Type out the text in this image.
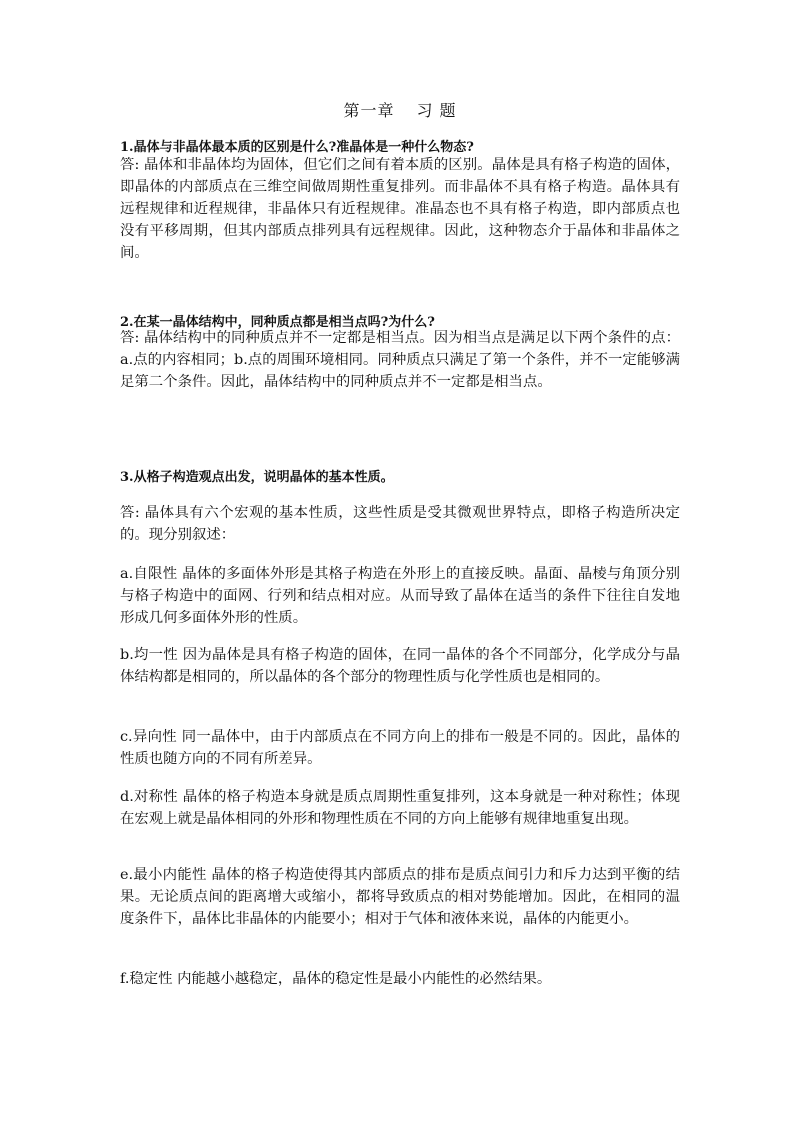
第一章 习 题

1.晶体与非晶体最本质的区别是什么?准晶体是一种什么物态?

答: 晶体和非晶体均为固体，但它们之间有着本质的区别。晶体是具有格子构造的固体，即晶体的内部质点在三维空间做周期性重复排列。而非晶体不具有格子构造。晶体具有远程规律和近程规律，非晶体只有近程规律。准晶态也不具有格子构造，即内部质点也没有平移周期，但其内部质点排列具有远程规律。因此，这种物态介于晶体和非晶体之间。

2.在某一晶体结构中，同种质点都是相当点吗?为什么?

答: 晶体结构中的同种质点并不一定都是相当点。因为相当点是满足以下两个条件的点：a.点的内容相同；b.点的周围环境相同。同种质点只满足了第一个条件，并不一定能够满足第二个条件。因此，晶体结构中的同种质点并不一定都是相当点。

3.从格子构造观点出发，说明晶体的基本性质。

答: 晶体具有六个宏观的基本性质，这些性质是受其微观世界特点，即格子构造所决定的。现分别叙述：

a.自限性 晶体的多面体外形是其格子构造在外形上的直接反映。晶面、晶棱与角顶分别与格子构造中的面网、行列和结点相对应。从而导致了晶体在适当的条件下往往自发地形成几何多面体外形的性质。

b.均一性 因为晶体是具有格子构造的固体，在同一晶体的各个不同部分，化学成分与晶体结构都是相同的，所以晶体的各个部分的物理性质与化学性质也是相同的。

c.异向性 同一晶体中，由于内部质点在不同方向上的排布一般是不同的。因此，晶体的性质也随方向的不同有所差异。

d.对称性 晶体的格子构造本身就是质点周期性重复排列，这本身就是一种对称性；体现在宏观上就是晶体相同的外形和物理性质在不同的方向上能够有规律地重复出现。

e.最小内能性 晶体的格子构造使得其内部质点的排布是质点间引力和斥力达到平衡的结果。无论质点间的距离增大或缩小，都将导致质点的相对势能增加。因此，在相同的温度条件下，晶体比非晶体的内能要小；相对于气体和液体来说，晶体的内能更小。

f.稳定性 内能越小越稳定，晶体的稳定性是最小内能性的必然结果。
